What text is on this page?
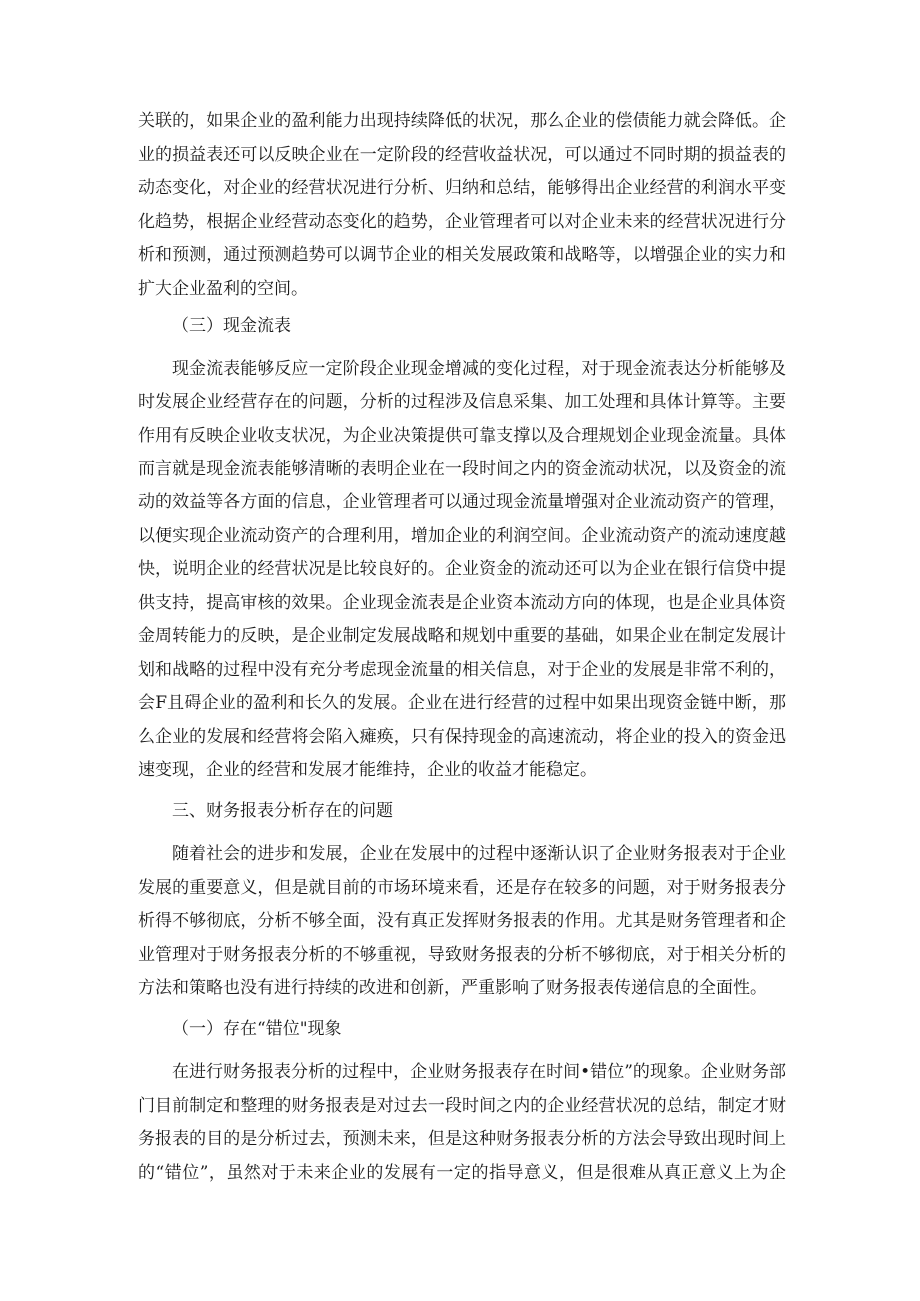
关联的，如果企业的盈利能力出现持续降低的状况，那么企业的偿债能力就会降低。企
业的损益表还可以反映企业在一定阶段的经营收益状况，可以通过不同时期的损益表的
动态变化，对企业的经营状况进行分析、归纳和总结，能够得出企业经营的利润水平变
化趋势，根据企业经营动态变化的趋势，企业管理者可以对企业未来的经营状况进行分
析和预测，通过预测趋势可以调节企业的相关发展政策和战略等，以增强企业的实力和
扩大企业盈利的空间。
（三）现金流表
现金流表能够反应一定阶段企业现金增减的变化过程，对于现金流表达分析能够及
时发展企业经营存在的问题，分析的过程涉及信息采集、加工处理和具体计算等。主要
作用有反映企业收支状况，为企业决策提供可靠支撑以及合理规划企业现金流量。具体
而言就是现金流表能够清晰的表明企业在一段时间之内的资金流动状况，以及资金的流
动的效益等各方面的信息，企业管理者可以通过现金流量增强对企业流动资产的管理，
以便实现企业流动资产的合理利用，增加企业的利润空间。企业流动资产的流动速度越
快，说明企业的经营状况是比较良好的。企业资金的流动还可以为企业在银行信贷中提
供支持，提高审核的效果。企业现金流表是企业资本流动方向的体现，也是企业具体资
金周转能力的反映，是企业制定发展战略和规划中重要的基础，如果企业在制定发展计
划和战略的过程中没有充分考虑现金流量的相关信息，对于企业的发展是非常不利的，
会F且碍企业的盈利和长久的发展。企业在进行经营的过程中如果出现资金链中断，那
么企业的发展和经营将会陷入瘫痪，只有保持现金的高速流动，将企业的投入的资金迅
速变现，企业的经营和发展才能维持，企业的收益才能稳定。
三、财务报表分析存在的问题
随着社会的进步和发展，企业在发展中的过程中逐渐认识了企业财务报表对于企业
发展的重要意义，但是就目前的市场环境来看，还是存在较多的问题，对于财务报表分
析得不够彻底，分析不够全面，没有真正发挥财务报表的作用。尤其是财务管理者和企
业管理对于财务报表分析的不够重视，导致财务报表的分析不够彻底，对于相关分析的
方法和策略也没有进行持续的改进和创新，严重影响了财务报表传递信息的全面性。
（一）存在“错位"现象
在进行财务报表分析的过程中，企业财务报表存在时间•错位”的现象。企业财务部
门目前制定和整理的财务报表是对过去一段时间之内的企业经营状况的总结，制定才财
务报表的目的是分析过去，预测未来，但是这种财务报表分析的方法会导致出现时间上
的“错位”，虽然对于未来企业的发展有一定的指导意义，但是很难从真正意义上为企
